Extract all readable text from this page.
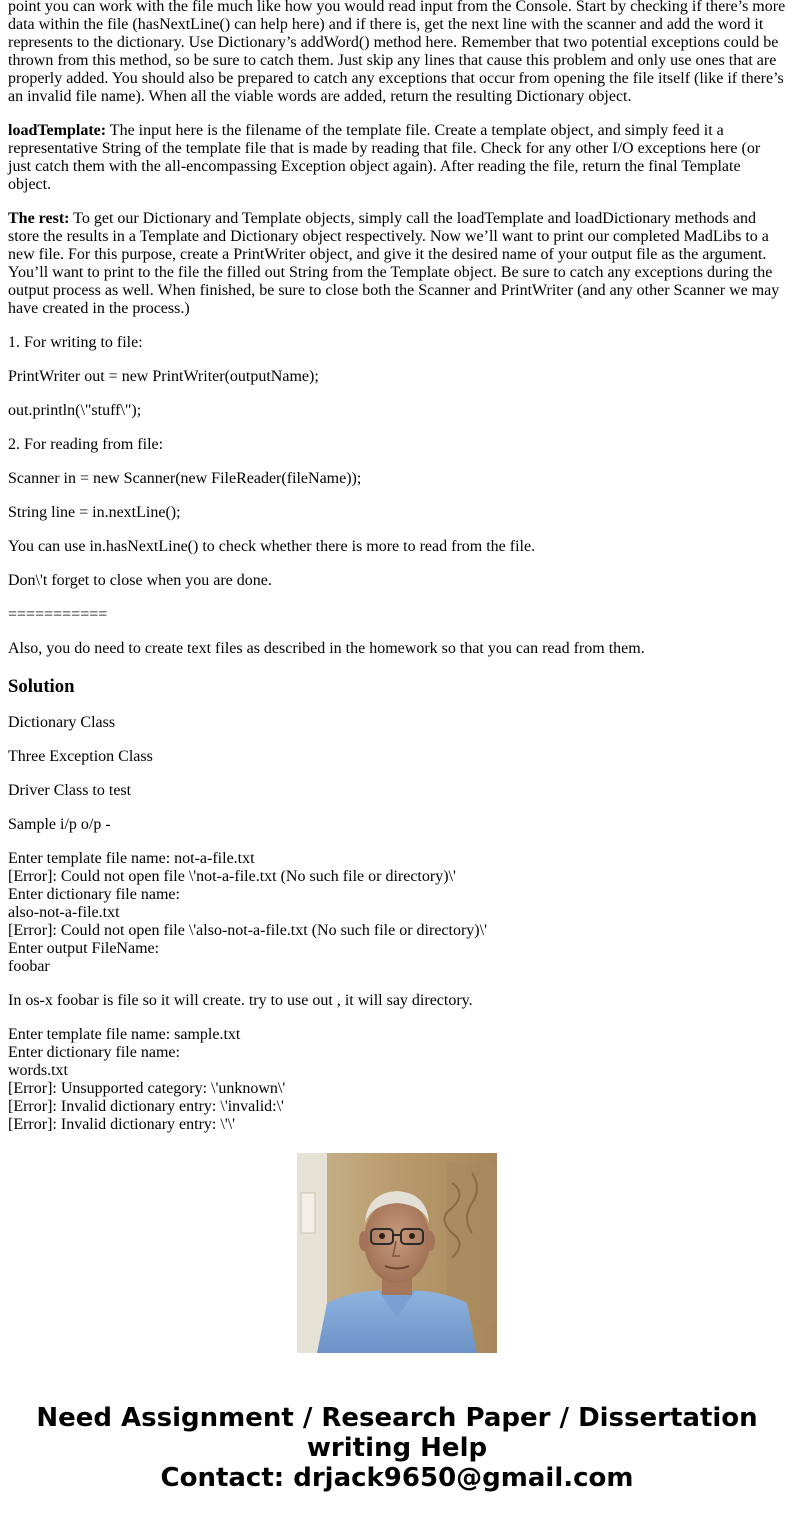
point you can work with the file much like how you would read input from the Console. Start by checking if there’s more data within the file (hasNextLine() can help here) and if there is, get the next line with the scanner and add the word it represents to the dictionary. Use Dictionary’s addWord() method here. Remember that two potential exceptions could be thrown from this method, so be sure to catch them. Just skip any lines that cause this problem and only use ones that are properly added. You should also be prepared to catch any exceptions that occur from opening the file itself (like if there’s an invalid file name). When all the viable words are added, return the resulting Dictionary object.

loadTemplate: The input here is the filename of the template file. Create a template object, and simply feed it a representative String of the template file that is made by reading that file. Check for any other I/O exceptions here (or just catch them with the all-encompassing Exception object again). After reading the file, return the final Template object.

The rest: To get our Dictionary and Template objects, simply call the loadTemplate and loadDictionary methods and store the results in a Template and Dictionary object respectively. Now we’ll want to print our completed MadLibs to a new file. For this purpose, create a PrintWriter object, and give it the desired name of your output file as the argument. You’ll want to print to the file the filled out String from the Template object. Be sure to catch any exceptions during the output process as well. When finished, be sure to close both the Scanner and PrintWriter (and any other Scanner we may have created in the process.)

1. For writing to file:

PrintWriter out = new PrintWriter(outputName);

out.println(\"stuff\");

2. For reading from file:

Scanner in = new Scanner(new FileReader(fileName));

String line = in.nextLine();

You can use in.hasNextLine() to check whether there is more to read from the file.

Don\'t forget to close when you are done.

===========

Also, you do need to create text files as described in the homework so that you can read from them.

Solution

Dictionary Class

Three Exception Class

Driver Class to test

Sample i/p o/p -

Enter template file name: not-a-file.txt
[Error]: Could not open file \'not-a-file.txt (No such file or directory)\'
Enter dictionary file name:
also-not-a-file.txt
[Error]: Could not open file \'also-not-a-file.txt (No such file or directory)\'
Enter output FileName:
foobar

In os-x foobar is file so it will create. try to use out , it will say directory.

Enter template file name: sample.txt
Enter dictionary file name:
words.txt
[Error]: Unsupported category: \'unknown\'
[Error]: Invalid dictionary entry: \'invalid:\'
[Error]: Invalid dictionary entry: \'\'
Need Assignment / Research Paper / Dissertation
writing Help
Contact: drjack9650@gmail.com
